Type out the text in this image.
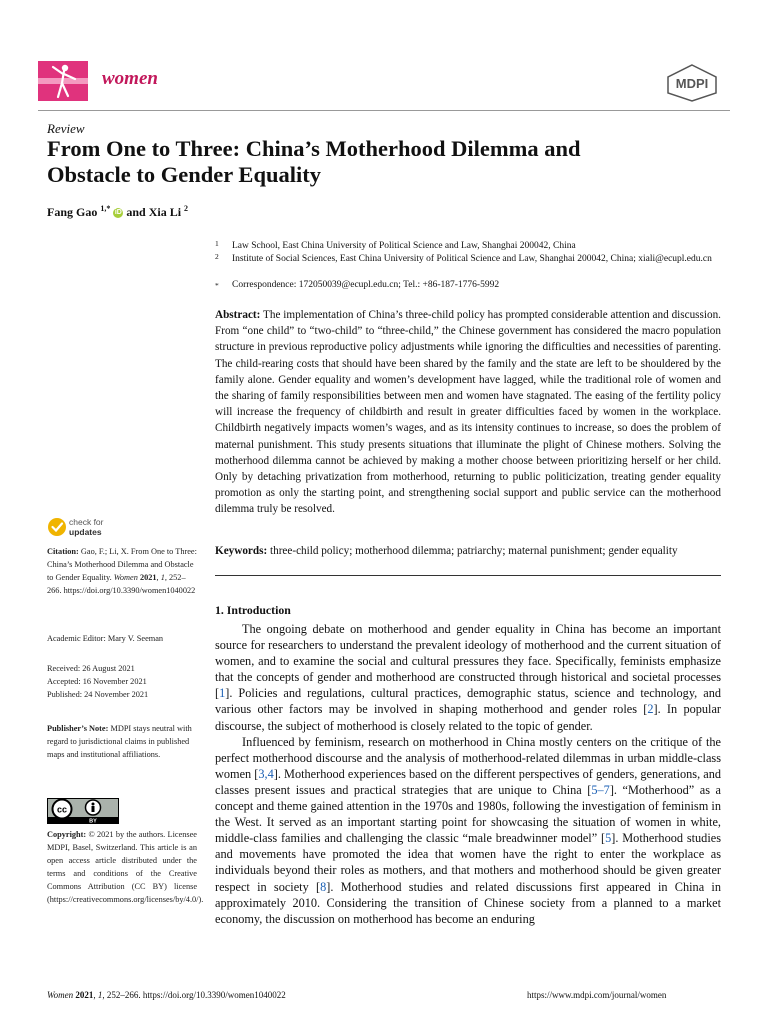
women	MDPI
Review
From One to Three: China’s Motherhood Dilemma and Obstacle to Gender Equality
Fang Gao $^{1,*}$ iD and Xia Li $^2$
1 Law School, East China University of Political Science and Law, Shanghai 200042, China
2 Institute of Social Sciences, East China University of Political Science and Law, Shanghai 200042, China; xiali@ecupl.edu.cn
* Correspondence: 172050039@ecupl.edu.cn; Tel.: +86-187-1776-5992
Abstract: The implementation of China’s three-child policy has prompted considerable attention and discussion. From “one child” to “two-child” to “three-child,” the Chinese government has considered the macro population structure in previous reproductive policy adjustments while ignoring the difficulties and necessities of parenting. The child-rearing costs that should have been shared by the family and the state are left to be shouldered by the family alone. Gender equality and women’s development have lagged, while the traditional role of women and the sharing of family responsibilities between men and women have stagnated. The easing of the fertility policy will increase the frequency of childbirth and result in greater difficulties faced by women in the workplace. Childbirth negatively impacts women’s wages, and as its intensity continues to increase, so does the problem of maternal punishment. This study presents situations that illuminate the plight of Chinese mothers. Solving the motherhood dilemma cannot be achieved by making a mother choose between prioritizing herself or her child. Only by detaching privatization from motherhood, returning to public politicization, treating gender equality promotion as only the starting point, and strengthening social support and public service can the motherhood dilemma truly be resolved.
Keywords: three-child policy; motherhood dilemma; patriarchy; maternal punishment; gender equality
check for
updates
Citation: Gao, F.; Li, X. From One to Three: China’s Motherhood Dilemma and Obstacle to Gender Equality. Women 2021, 1, 252–266. https://doi.org/10.3390/women1040022
Academic Editor: Mary V. Seeman
Received: 26 August 2021
Accepted: 16 November 2021
Published: 24 November 2021
Publisher’s Note: MDPI stays neutral with regard to jurisdictional claims in published maps and institutional affiliations.
cc
BY
Copyright: © 2021 by the authors. Licensee MDPI, Basel, Switzerland. This article is an open access article distributed under the terms and conditions of the Creative Commons Attribution (CC BY) license (https://creativecommons.org/licenses/by/4.0/).
1. Introduction

The ongoing debate on motherhood and gender equality in China has become an important source for researchers to understand the prevalent ideology of motherhood and the current situation of women, and to examine the social and cultural pressures they face. Specifically, feminists emphasize that the concepts of gender and motherhood are constructed through historical and societal processes [1]. Policies and regulations, cultural practices, demographic status, science and technology, and various other factors may be involved in shaping motherhood and gender roles [2]. In popular discourse, the subject of motherhood is closely related to the topic of gender.

Influenced by feminism, research on motherhood in China mostly centers on the critique of the perfect motherhood discourse and the analysis of motherhood-related dilemmas in urban middle-class women [3,4]. Motherhood experiences based on the different perspectives of genders, generations, and classes present issues and practical strategies that are unique to China [5–7]. “Motherhood” as a concept and theme gained attention in the 1970s and 1980s, following the investigation of feminism in the West. It served as an important starting point for showcasing the situation of women in white, middle-class families and challenging the classic “male breadwinner model” [5]. Motherhood studies and movements have promoted the idea that women have the right to enter the workplace as individuals beyond their roles as mothers, and that mothers and motherhood should be given greater respect in society [8]. Motherhood studies and related discussions first appeared in China in approximately 2010. Considering the transition of Chinese society from a planned to a market economy, the discussion on motherhood has become an enduring

Women 2021, 1, 252–266. https://doi.org/10.3390/women1040022	https://www.mdpi.com/journal/women
